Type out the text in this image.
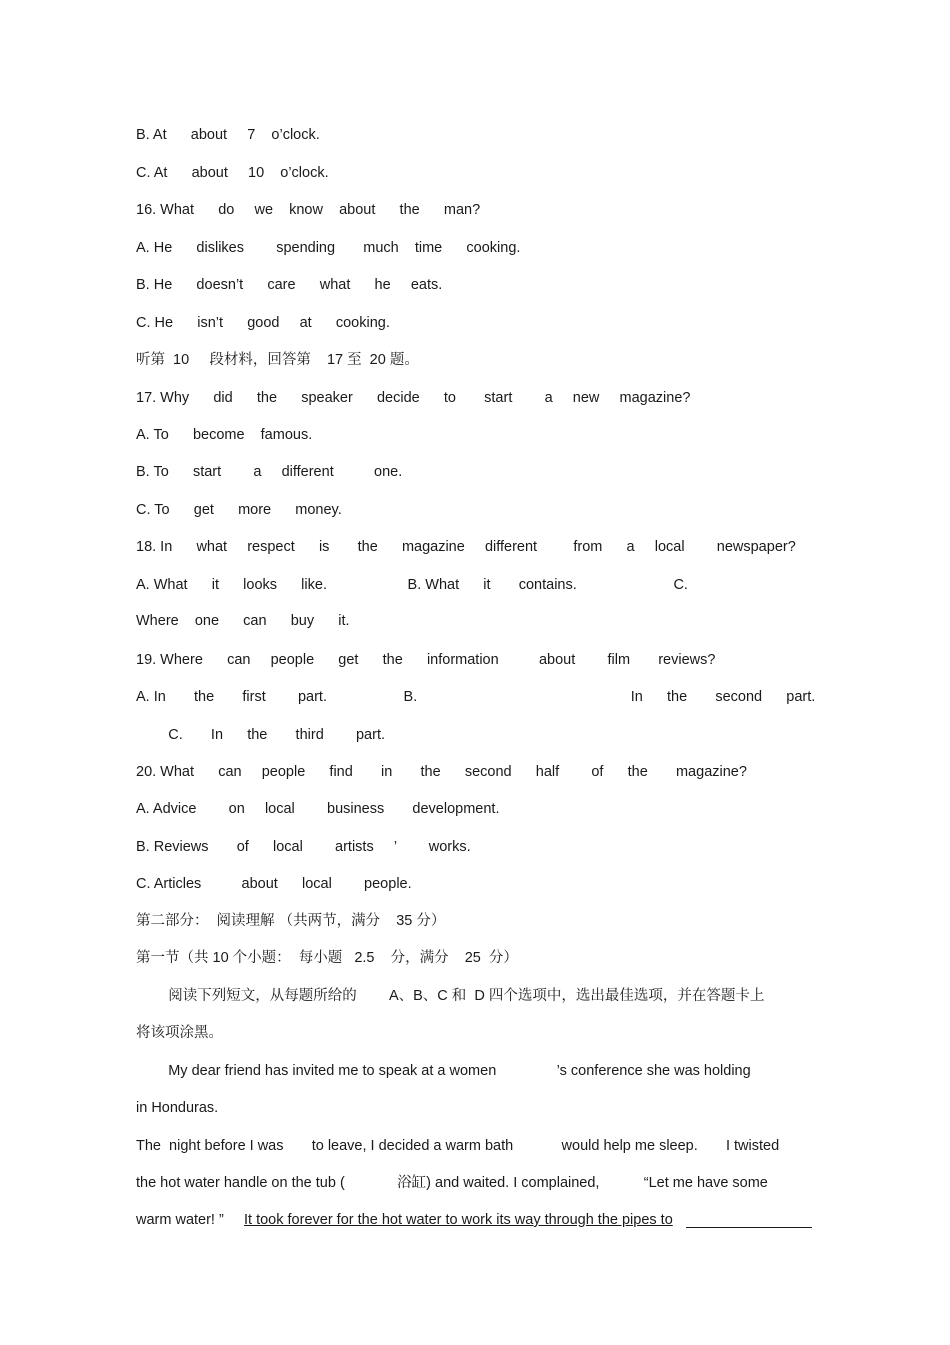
B. At      about     7    o’clock.
C. At      about     10    o’clock.
16. What      do     we    know    about      the      man?
A. He      dislikes        spending       much    time      cooking.
B. He      doesn’t      care      what      he     eats.
C. He      isn’t      good     at      cooking.
听第  10     段材料，回答第    17 至  20 题。
17. Why      did      the      speaker      decide      to       start        a     new     magazine?
A. To      become    famous.
B. To      start        a     different          one.
C. To      get      more      money.
18. In      what     respect      is       the      magazine     different         from      a     local        newspaper?
A. What      it      looks      like.                    B. What      it       contains.                        C.
Where    one      can      buy      it.
19. Where      can     people      get      the      information          about        film       reviews?
A. In       the       first        part.                   B.                                                     In      the       second      part.
C.       In      the       third        part.
20. What      can     people      find       in       the      second      half        of      the       magazine?
A. Advice        on     local        business       development.
B. Reviews       of      local        artists     ’        works.
C. Articles          about      local        people.
第二部分：  阅读理解 （共两节，满分    35 分）
第一节（共 10 个小题：  每小题   2.5    分，满分    25  分）
阅读下列短文，从每题所给的        A、B、C 和  D 四个选项中，选出最佳选项，并在答题卡上
将该项涂黑。
My dear friend has invited me to speak at a women               ’s conference she was holding
in Honduras.
The  night before I was       to leave, I decided a warm bath            would help me sleep.       I twisted
the hot water handle on the tub (             浴缸) and waited. I complained,           “Let me have some
warm water! ” It took forever for the hot water to work its way through the pipes to
